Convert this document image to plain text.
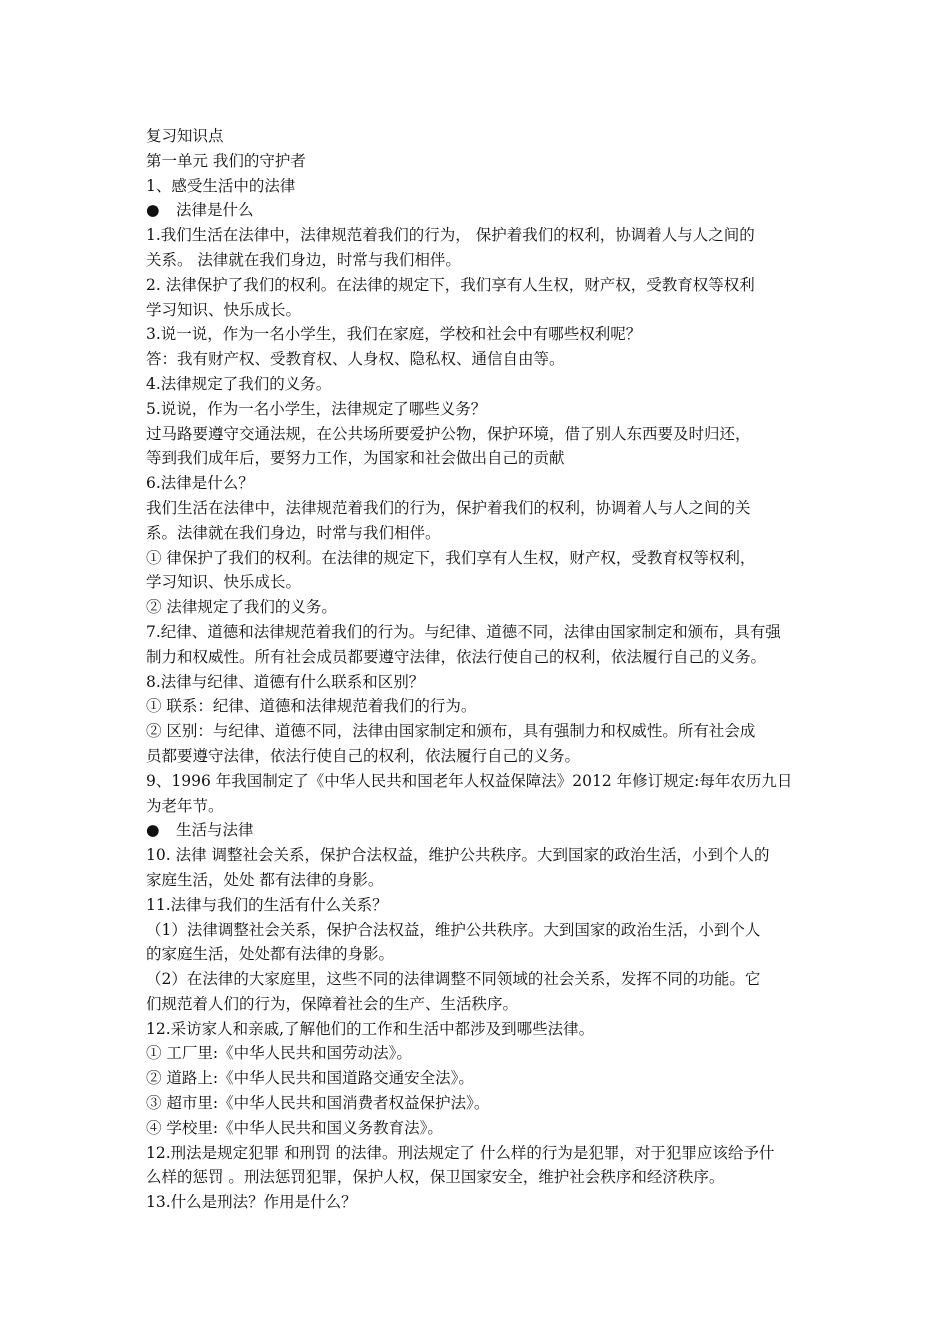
复习知识点
第一单元 我们的守护者
1、感受生活中的法律
● 法律是什么
1.我们生活在法律中，法律规范着我们的行为， 保护着我们的权利，协调着人与人之间的
关系。 法律就在我们身边，时常与我们相伴。
2. 法律保护了我们的权利。在法律的规定下，我们享有人生权，财产权，受教育权等权利
学习知识、快乐成长。
3.说一说，作为一名小学生，我们在家庭，学校和社会中有哪些权利呢？
答：我有财产权、受教育权、人身权、隐私权、通信自由等。
4.法律规定了我们的义务。
5.说说，作为一名小学生，法律规定了哪些义务？
过马路要遵守交通法规，在公共场所要爱护公物，保护环境，借了别人东西要及时归还，
等到我们成年后，要努力工作，为国家和社会做出自己的贡献
6.法律是什么？
我们生活在法律中，法律规范着我们的行为，保护着我们的权利，协调着人与人之间的关
系。法律就在我们身边，时常与我们相伴。
① 律保护了我们的权利。在法律的规定下，我们享有人生权，财产权，受教育权等权利，
学习知识、快乐成长。
② 法律规定了我们的义务。
7.纪律、道德和法律规范着我们的行为。与纪律、道德不同，法律由国家制定和颁布，具有强
制力和权威性。所有社会成员都要遵守法律，依法行使自己的权利，依法履行自己的义务。
8.法律与纪律、道德有什么联系和区别？
① 联系：纪律、道德和法律规范着我们的行为。
② 区别：与纪律、道德不同，法律由国家制定和颁布，具有强制力和权威性。所有社会成
员都要遵守法律，依法行使自己的权利，依法履行自己的义务。
9、1996 年我国制定了《中华人民共和国老年人权益保障法》2012 年修订规定:每年农历九日
为老年节。
● 生活与法律
10. 法律 调整社会关系，保护合法权益，维护公共秩序。大到国家的政治生活，小到个人的
家庭生活，处处 都有法律的身影。
11.法律与我们的生活有什么关系？
（1）法律调整社会关系，保护合法权益，维护公共秩序。大到国家的政治生活，小到个人
的家庭生活，处处都有法律的身影。
（2）在法律的大家庭里，这些不同的法律调整不同领域的社会关系，发挥不同的功能。它
们规范着人们的行为，保障着社会的生产、生活秩序。
12.采访家人和亲戚,了解他们的工作和生活中都涉及到哪些法律。
① 工厂里:《中华人民共和国劳动法》。
② 道路上:《中华人民共和国道路交通安全法》。
③ 超市里:《中华人民共和国消费者权益保护法》。
④ 学校里:《中华人民共和国义务教育法》。
12.刑法是规定犯罪 和刑罚 的法律。刑法规定了 什么样的行为是犯罪，对于犯罪应该给予什
么样的惩罚 。刑法惩罚犯罪，保护人权，保卫国家安全，维护社会秩序和经济秩序。
13.什么是刑法？作用是什么？
